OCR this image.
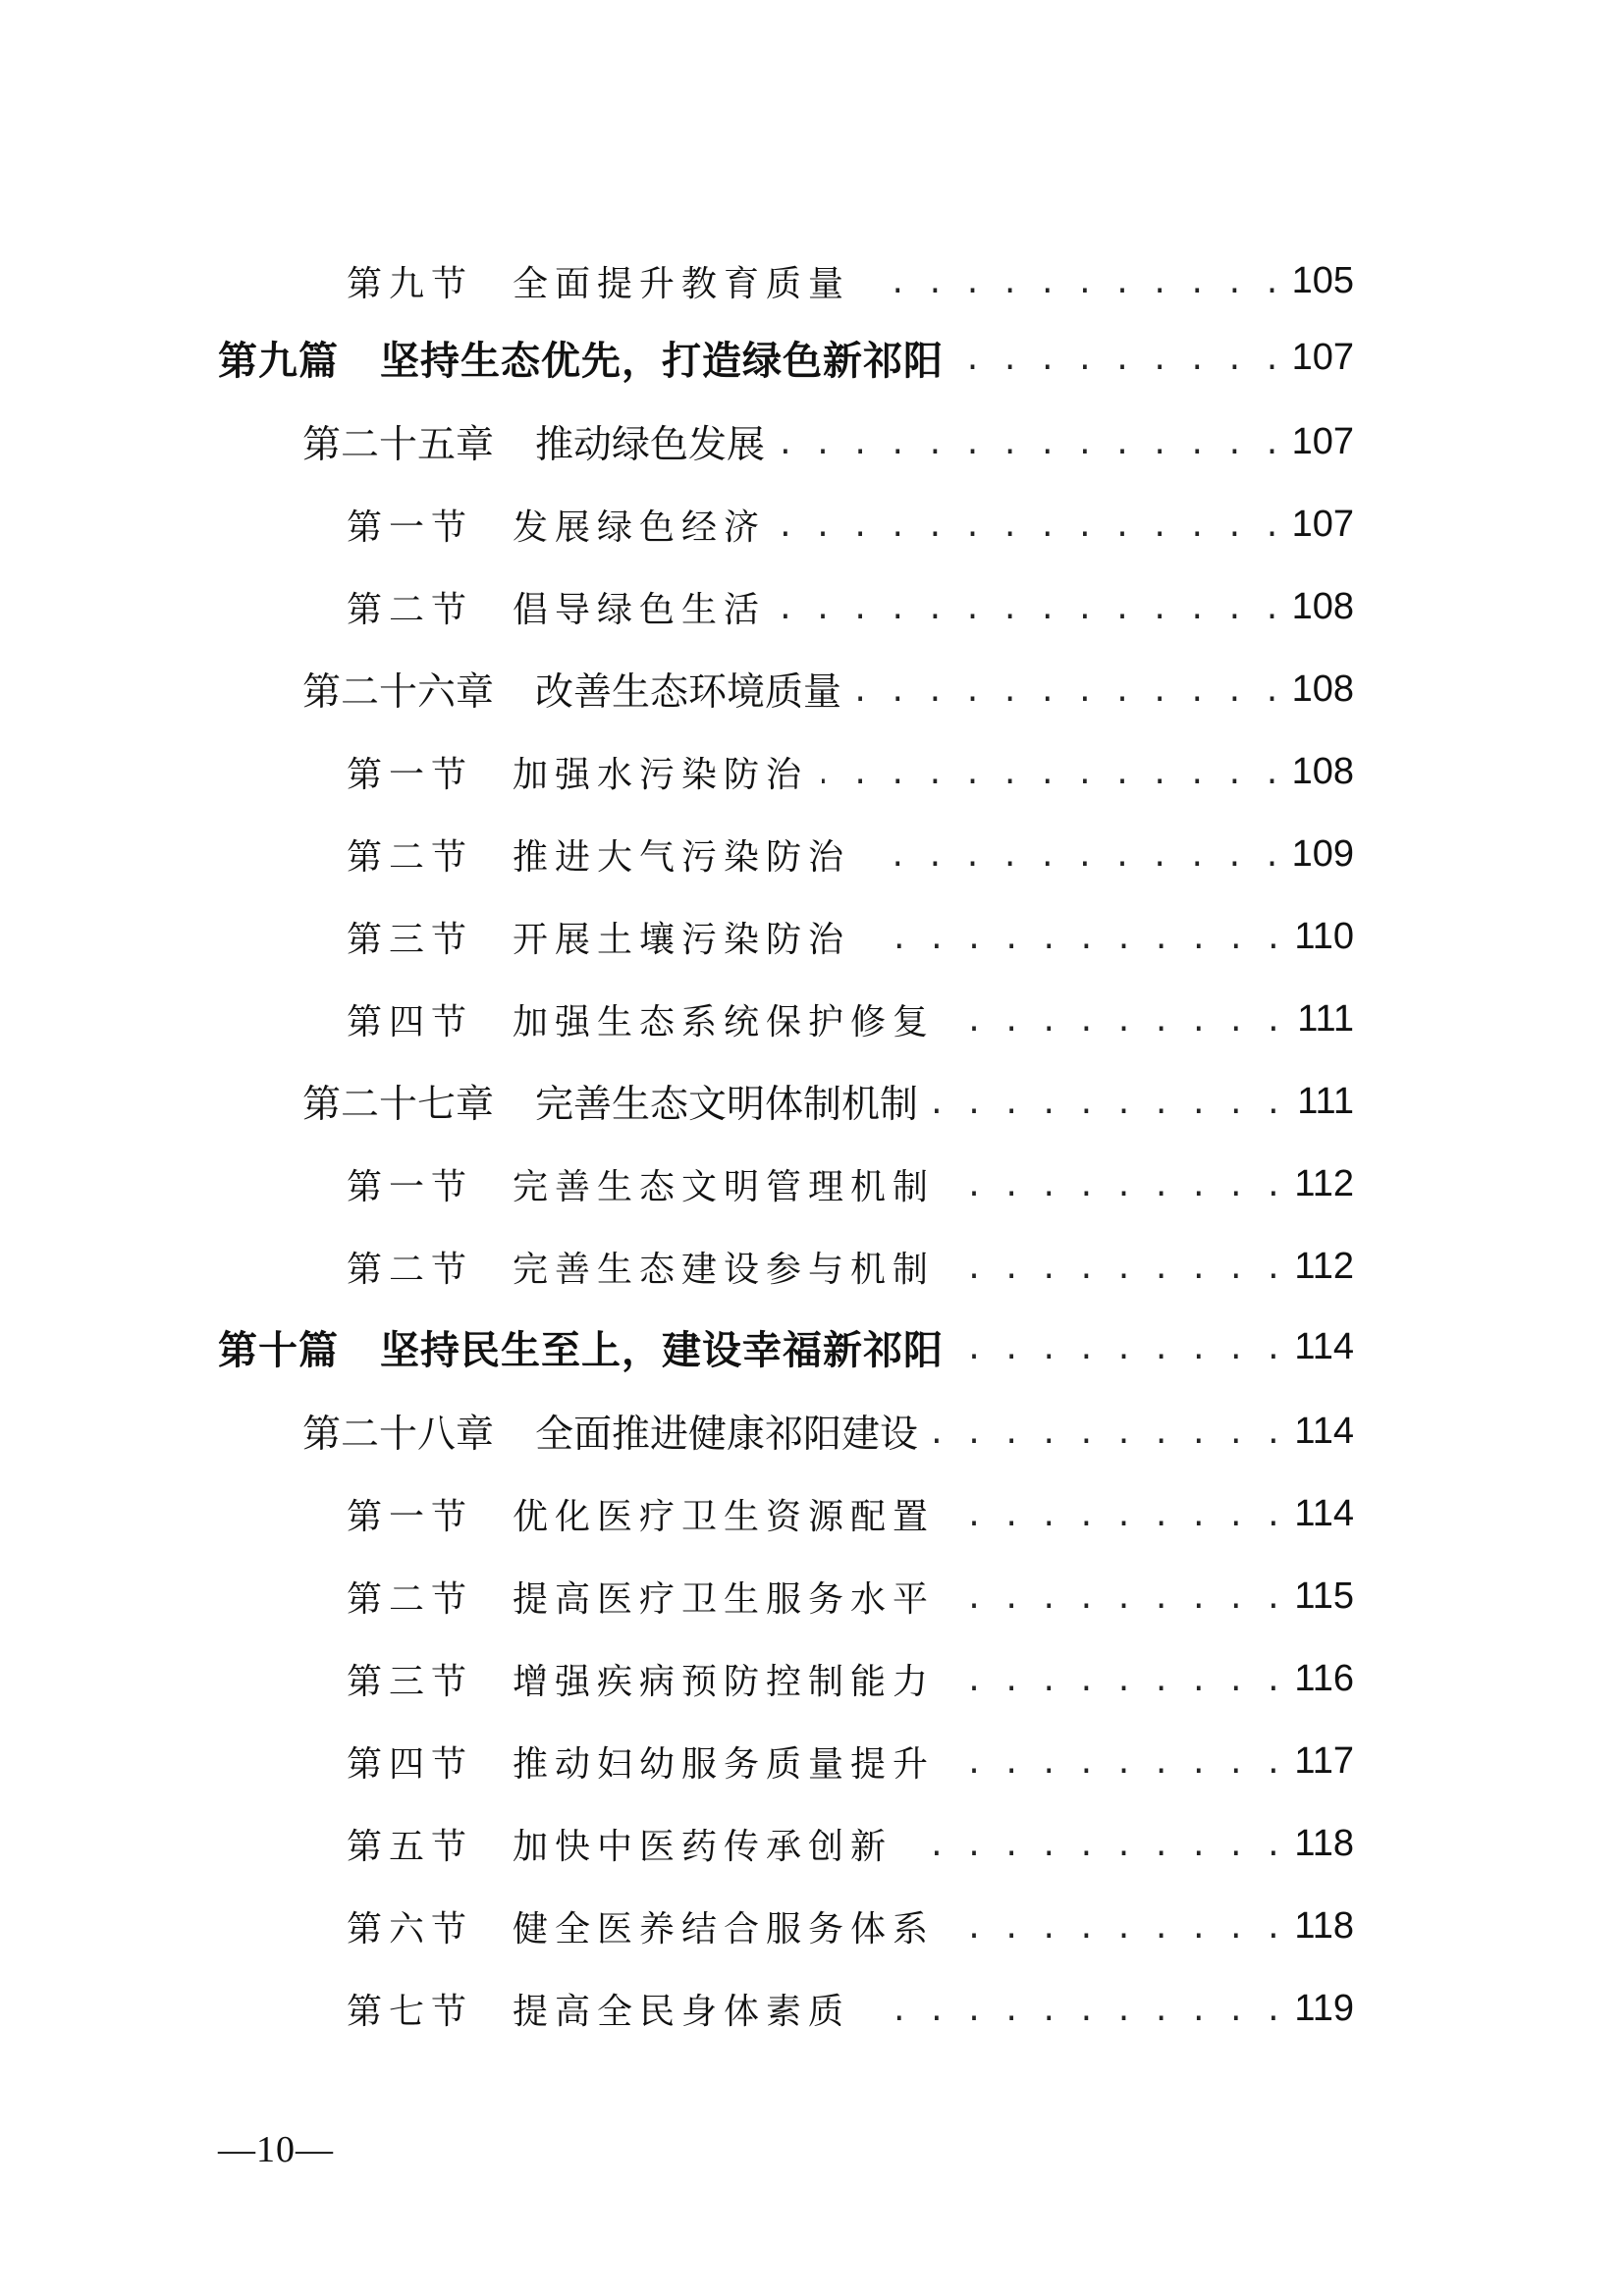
第九节 全面提升教育质量 . . .	105
第九篇 坚持生态优先，打造绿色新祁阳 . . .	107
第二十五章 推动绿色发展 . . .	107
第一节 发展绿色经济 . . .	107
第二节 倡导绿色生活 . . .	108
第二十六章 改善生态环境质量 . . .	108
第一节 加强水污染防治 . . .	108
第二节 推进大气污染防治 . . .	109
第三节 开展土壤污染防治 . . .	110
第四节 加强生态系统保护修复 . . .	111
第二十七章 完善生态文明体制机制 . . .	111
第一节 完善生态文明管理机制 . . .	112
第二节 完善生态建设参与机制 . . .	112
第十篇 坚持民生至上，建设幸福新祁阳 . . .	114
第二十八章 全面推进健康祁阳建设 . . .	114
第一节 优化医疗卫生资源配置 . . .	114
第二节 提高医疗卫生服务水平 . . .	115
第三节 增强疾病预防控制能力 . . .	116
第四节 推动妇幼服务质量提升 . . .	117
第五节 加快中医药传承创新 . . .	118
第六节 健全医养结合服务体系 . . .	118
第七节 提高全民身体素质 . . .	119
—10—
